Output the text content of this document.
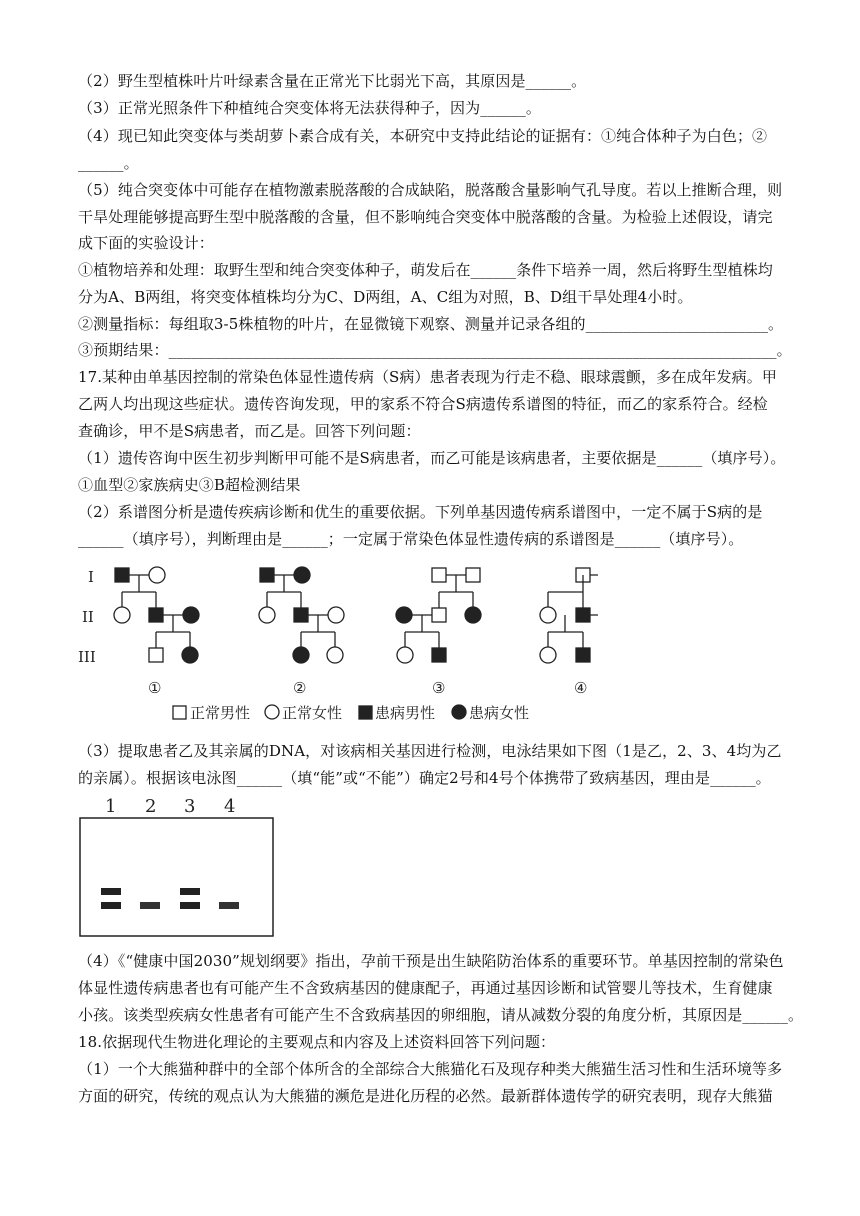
（2）野生型植株叶片叶绿素含量在正常光下比弱光下高，其原因是______。
（3）正常光照条件下种植纯合突变体将无法获得种子，因为______。
（4）现已知此突变体与类胡萝卜素合成有关，本研究中支持此结论的证据有：①纯合体种子为白色；②
______。
（5）纯合突变体中可能存在植物激素脱落酸的合成缺陷，脱落酸含量影响气孔导度。若以上推断合理，则
干旱处理能够提高野生型中脱落酸的含量，但不影响纯合突变体中脱落酸的含量。为检验上述假设，请完
成下面的实验设计：
①植物培养和处理：取野生型和纯合突变体种子，萌发后在______条件下培养一周，然后将野生型植株均
分为A、B两组，将突变体植株均分为C、D两组，A、C组为对照，B、D组干旱处理4小时。
②测量指标：每组取3-5株植物的叶片，在显微镜下观察、测量并记录各组的________________________。
③预期结果：________________________________________________________________________________。
17.某种由单基因控制的常染色体显性遗传病（S病）患者表现为行走不稳、眼球震颤，多在成年发病。甲
乙两人均出现这些症状。遗传咨询发现，甲的家系不符合S病遗传系谱图的特征，而乙的家系符合。经检
查确诊，甲不是S病患者，而乙是。回答下列问题：
（1）遗传咨询中医生初步判断甲可能不是S病患者，而乙可能是该病患者，主要依据是______（填序号）。
①血型②家族病史③B超检测结果
（2）系谱图分析是遗传疾病诊断和优生的重要依据。下列单基因遗传病系谱图中，一定不属于S病的是
______（填序号），判断理由是______；一定属于常染色体显性遗传病的系谱图是______（填序号）。
I
II
III
①	②	③	④
正常男性 正常女性 患病男性 患病女性
（3）提取患者乙及其亲属的DNA，对该病相关基因进行检测，电泳结果如下图（1是乙，2、3、4均为乙
的亲属）。根据该电泳图______（填“能”或“不能”）确定2号和4号个体携带了致病基因，理由是______。
1 2 3 4
（4）《“健康中国2030”规划纲要》指出，孕前干预是出生缺陷防治体系的重要环节。单基因控制的常染色
体显性遗传病患者也有可能产生不含致病基因的健康配子，再通过基因诊断和试管婴儿等技术，生育健康
小孩。该类型疾病女性患者有可能产生不含致病基因的卵细胞，请从减数分裂的角度分析，其原因是______。
18.依据现代生物进化理论的主要观点和内容及上述资料回答下列问题：
（1）一个大熊猫种群中的全部个体所含的全部综合大熊猫化石及现存种类大熊猫生活习性和生活环境等多
方面的研究，传统的观点认为大熊猫的濒危是进化历程的必然。最新群体遗传学的研究表明，现存大熊猫
